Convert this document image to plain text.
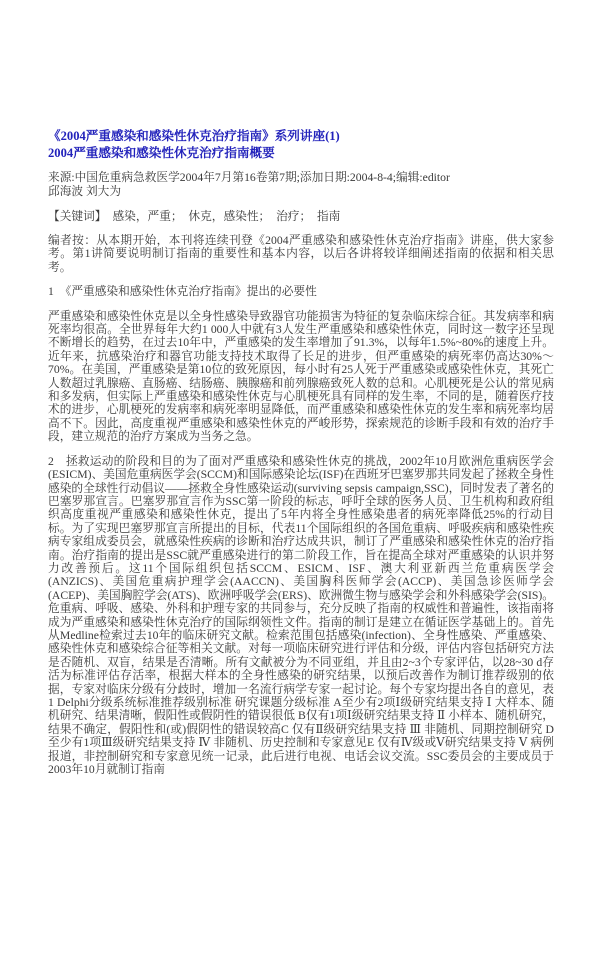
《2004严重感染和感染性休克治疗指南》系列讲座(1)
2004严重感染和感染性休克治疗指南概要
来源:中国危重病急救医学2004年7月第16卷第7期;添加日期:2004-8-4;编辑:editor
邱海波 刘大为

【关键词】 感染，严重；　休克，感染性；　治疗；　指南

编者按：从本期开始，本刊将连续刊登《2004严重感染和感染性休克治疗指南》讲座，供大家参考。第1讲简要说明制订指南的重要性和基本内容，以后各讲将较详细阐述指南的依据和相关思考。

1　《严重感染和感染性休克治疗指南》提出的必要性

严重感染和感染性休克是以全身性感染导致器官功能损害为特征的复杂临床综合征。其发病率和病死率均很高。全世界每年大约1 000人中就有3人发生严重感染和感染性休克，同时这一数字还呈现不断增长的趋势，在过去10年中，严重感染的发生率增加了91.3%，以每年1.5%~80%的速度上升。近年来，抗感染治疗和器官功能支持技术取得了长足的进步，但严重感染的病死率仍高达30%～70%。在美国，严重感染是第10位的致死原因，每小时有25人死于严重感染或感染性休克，其死亡人数超过乳腺癌、直肠癌、结肠癌、胰腺癌和前列腺癌致死人数的总和。心肌梗死是公认的常见病和多发病，但实际上严重感染和感染性休克与心肌梗死具有同样的发生率，不同的是，随着医疗技术的进步，心肌梗死的发病率和病死率明显降低，而严重感染和感染性休克的发生率和病死率均居高不下。因此，高度重视严重感染和感染性休克的严峻形势，探索规范的诊断手段和有效的治疗手段，建立规范的治疗方案成为当务之急。

2　拯救运动的阶段和目的为了面对严重感染和感染性休克的挑战，2002年10月欧洲危重病医学会(ESICM)、美国危重病医学会(SCCM)和国际感染论坛(ISF)在西班牙巴塞罗那共同发起了拯救全身性感染的全球性行动倡议——拯救全身性感染运动(surviving sepsis campaign,SSC)，同时发表了著名的巴塞罗那宣言。巴塞罗那宣言作为SSC第一阶段的标志，呼吁全球的医务人员、卫生机构和政府组织高度重视严重感染和感染性休克，提出了5年内将全身性感染患者的病死率降低25%的行动目标。为了实现巴塞罗那宣言所提出的目标，代表11个国际组织的各国危重病、呼吸疾病和感染性疾病专家组成委员会，就感染性疾病的诊断和治疗达成共识，制订了严重感染和感染性休克的治疗指南。治疗指南的提出是SSC就严重感染进行的第二阶段工作，旨在提高全球对严重感染的认识并努力改善预后。这11个国际组织包括SCCM、ESICM、ISF、澳大利亚新西兰危重病医学会(ANZICS)、美国危重病护理学会(AACCN)、美国胸科医师学会(ACCP)、美国急诊医师学会(ACEP)、美国胸腔学会(ATS)、欧洲呼吸学会(ERS)、欧洲微生物与感染学会和外科感染学会(SIS)。危重病、呼吸、感染、外科和护理专家的共同参与，充分反映了指南的权威性和普遍性，该指南将成为严重感染和感染性休克治疗的国际纲领性文件。指南的制订是建立在循证医学基础上的。首先从Medline检索过去10年的临床研究文献。检索范围包括感染(infection)、全身性感染、严重感染、感染性休克和感染综合征等相关文献。对每一项临床研究进行评估和分级，评估内容包括研究方法是否随机、双盲，结果是否清晰。所有文献被分为不同亚组，并且由2~3个专家评估，以28~30 d存活为标准评估存活率，根据大样本的全身性感染的研究结果，以预后改善作为制订推荐级别的依据，专家对临床分级有分歧时，增加一名流行病学专家一起讨论。每个专家均提出各自的意见，表1 Delphi分级系统标准推荐级别标准 研究课题分级标准 A至少有2项Ⅰ级研究结果支持 Ⅰ 大样本、随机研究、结果清晰，假阳性或假阴性的错误很低 B仅有1项Ⅰ级研究结果支持 Ⅱ 小样本、随机研究，结果不确定，假阳性和(或)假阴性的错误较高C 仅有Ⅱ级研究结果支持 Ⅲ 非随机、同期控制研究 D 至少有1项Ⅲ级研究结果支持 Ⅳ 非随机、历史控制和专家意见E 仅有Ⅳ级或Ⅴ研究结果支持 Ⅴ 病例报道，非控制研究和专家意见统一记录，此后进行电视、电话会议交流。SSC委员会的主要成员于2003年10月就制订指南
